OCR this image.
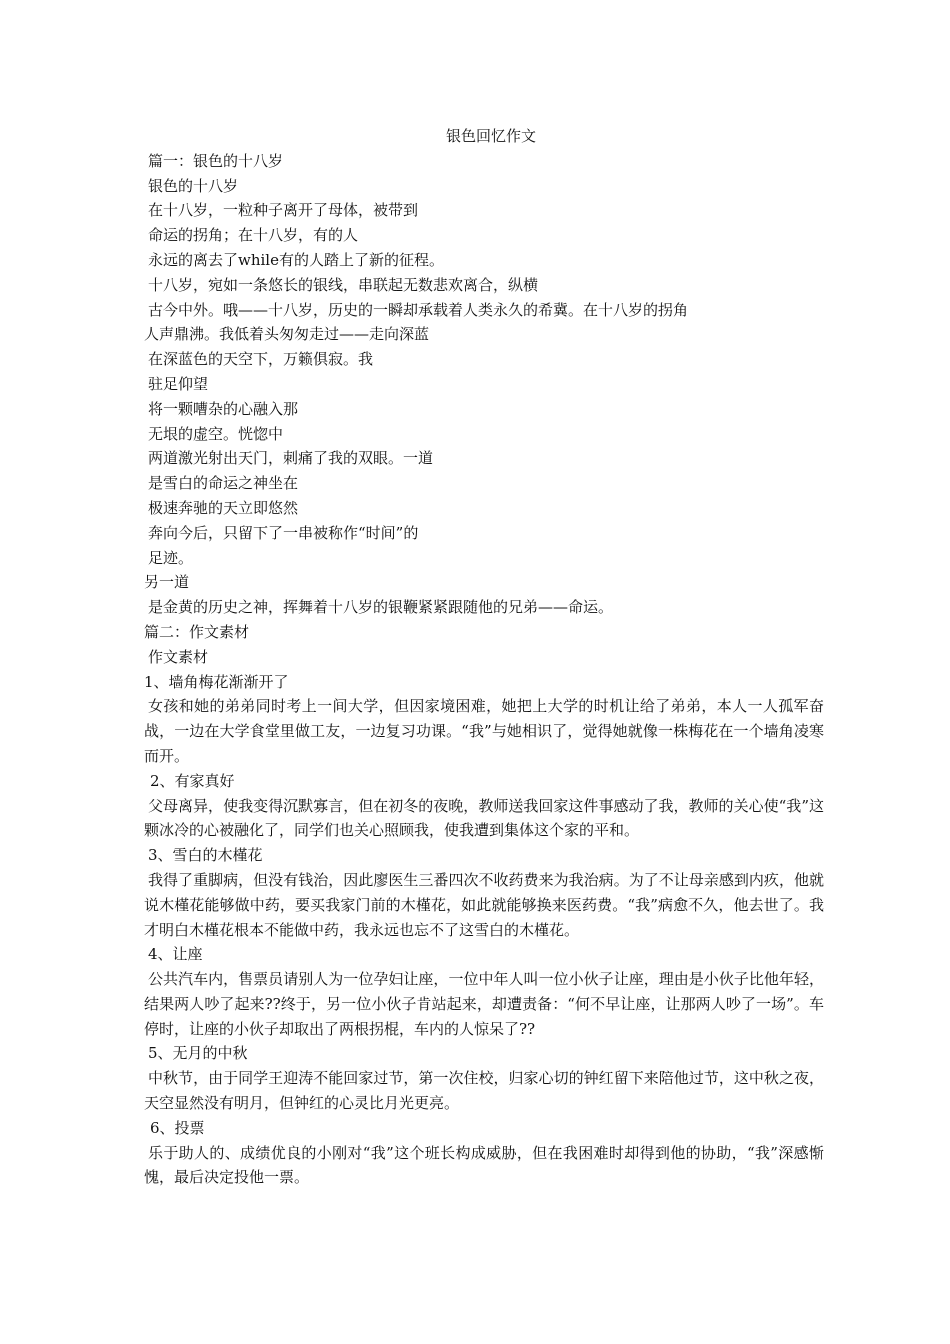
银色回忆作文
篇一：银色的十八岁
银色的十八岁
在十八岁，一粒种子离开了母体，被带到
命运的拐角；在十八岁，有的人
永远的离去了while有的人踏上了新的征程。
十八岁，宛如一条悠长的银线，串联起无数悲欢离合，纵横
古今中外。哦——十八岁，历史的一瞬却承载着人类永久的希冀。在十八岁的拐角
人声鼎沸。我低着头匆匆走过——走向深蓝
在深蓝色的天空下，万籁俱寂。我
驻足仰望
将一颗嘈杂的心融入那
无垠的虚空。恍惚中
两道激光射出天门，刺痛了我的双眼。一道
是雪白的命运之神坐在
极速奔驰的天立即悠然
奔向今后，只留下了一串被称作“时间”的
足迹。
另一道
是金黄的历史之神，挥舞着十八岁的银鞭紧紧跟随他的兄弟——命运。
篇二：作文素材
作文素材
1、墙角梅花渐渐开了
女孩和她的弟弟同时考上一间大学，但因家境困难，她把上大学的时机让给了弟弟，本人一人孤军奋战，一边在大学食堂里做工友，一边复习功课。“我”与她相识了，觉得她就像一株梅花在一个墙角凌寒而开。
2、有家真好
父母离异，使我变得沉默寡言，但在初冬的夜晚，教师送我回家这件事感动了我，教师的关心使“我”这颗冰冷的心被融化了，同学们也关心照顾我，使我遭到集体这个家的平和。
3、雪白的木槿花
我得了重脚病，但没有钱治，因此廖医生三番四次不收药费来为我治病。为了不让母亲感到内疚，他就说木槿花能够做中药，要买我家门前的木槿花，如此就能够换来医药费。“我”病愈不久，他去世了。我才明白木槿花根本不能做中药，我永远也忘不了这雪白的木槿花。
4、让座
公共汽车内，售票员请别人为一位孕妇让座，一位中年人叫一位小伙子让座，理由是小伙子比他年轻，结果两人吵了起来??终于，另一位小伙子肯站起来，却遭责备：“何不早让座，让那两人吵了一场”。车停时，让座的小伙子却取出了两根拐棍，车内的人惊呆了??
5、无月的中秋
中秋节，由于同学王迎涛不能回家过节，第一次住校，归家心切的钟红留下来陪他过节，这中秋之夜，天空显然没有明月，但钟红的心灵比月光更亮。
6、投票
乐于助人的、成绩优良的小刚对“我”这个班长构成威胁，但在我困难时却得到他的协助，“我”深感惭愧，最后决定投他一票。
